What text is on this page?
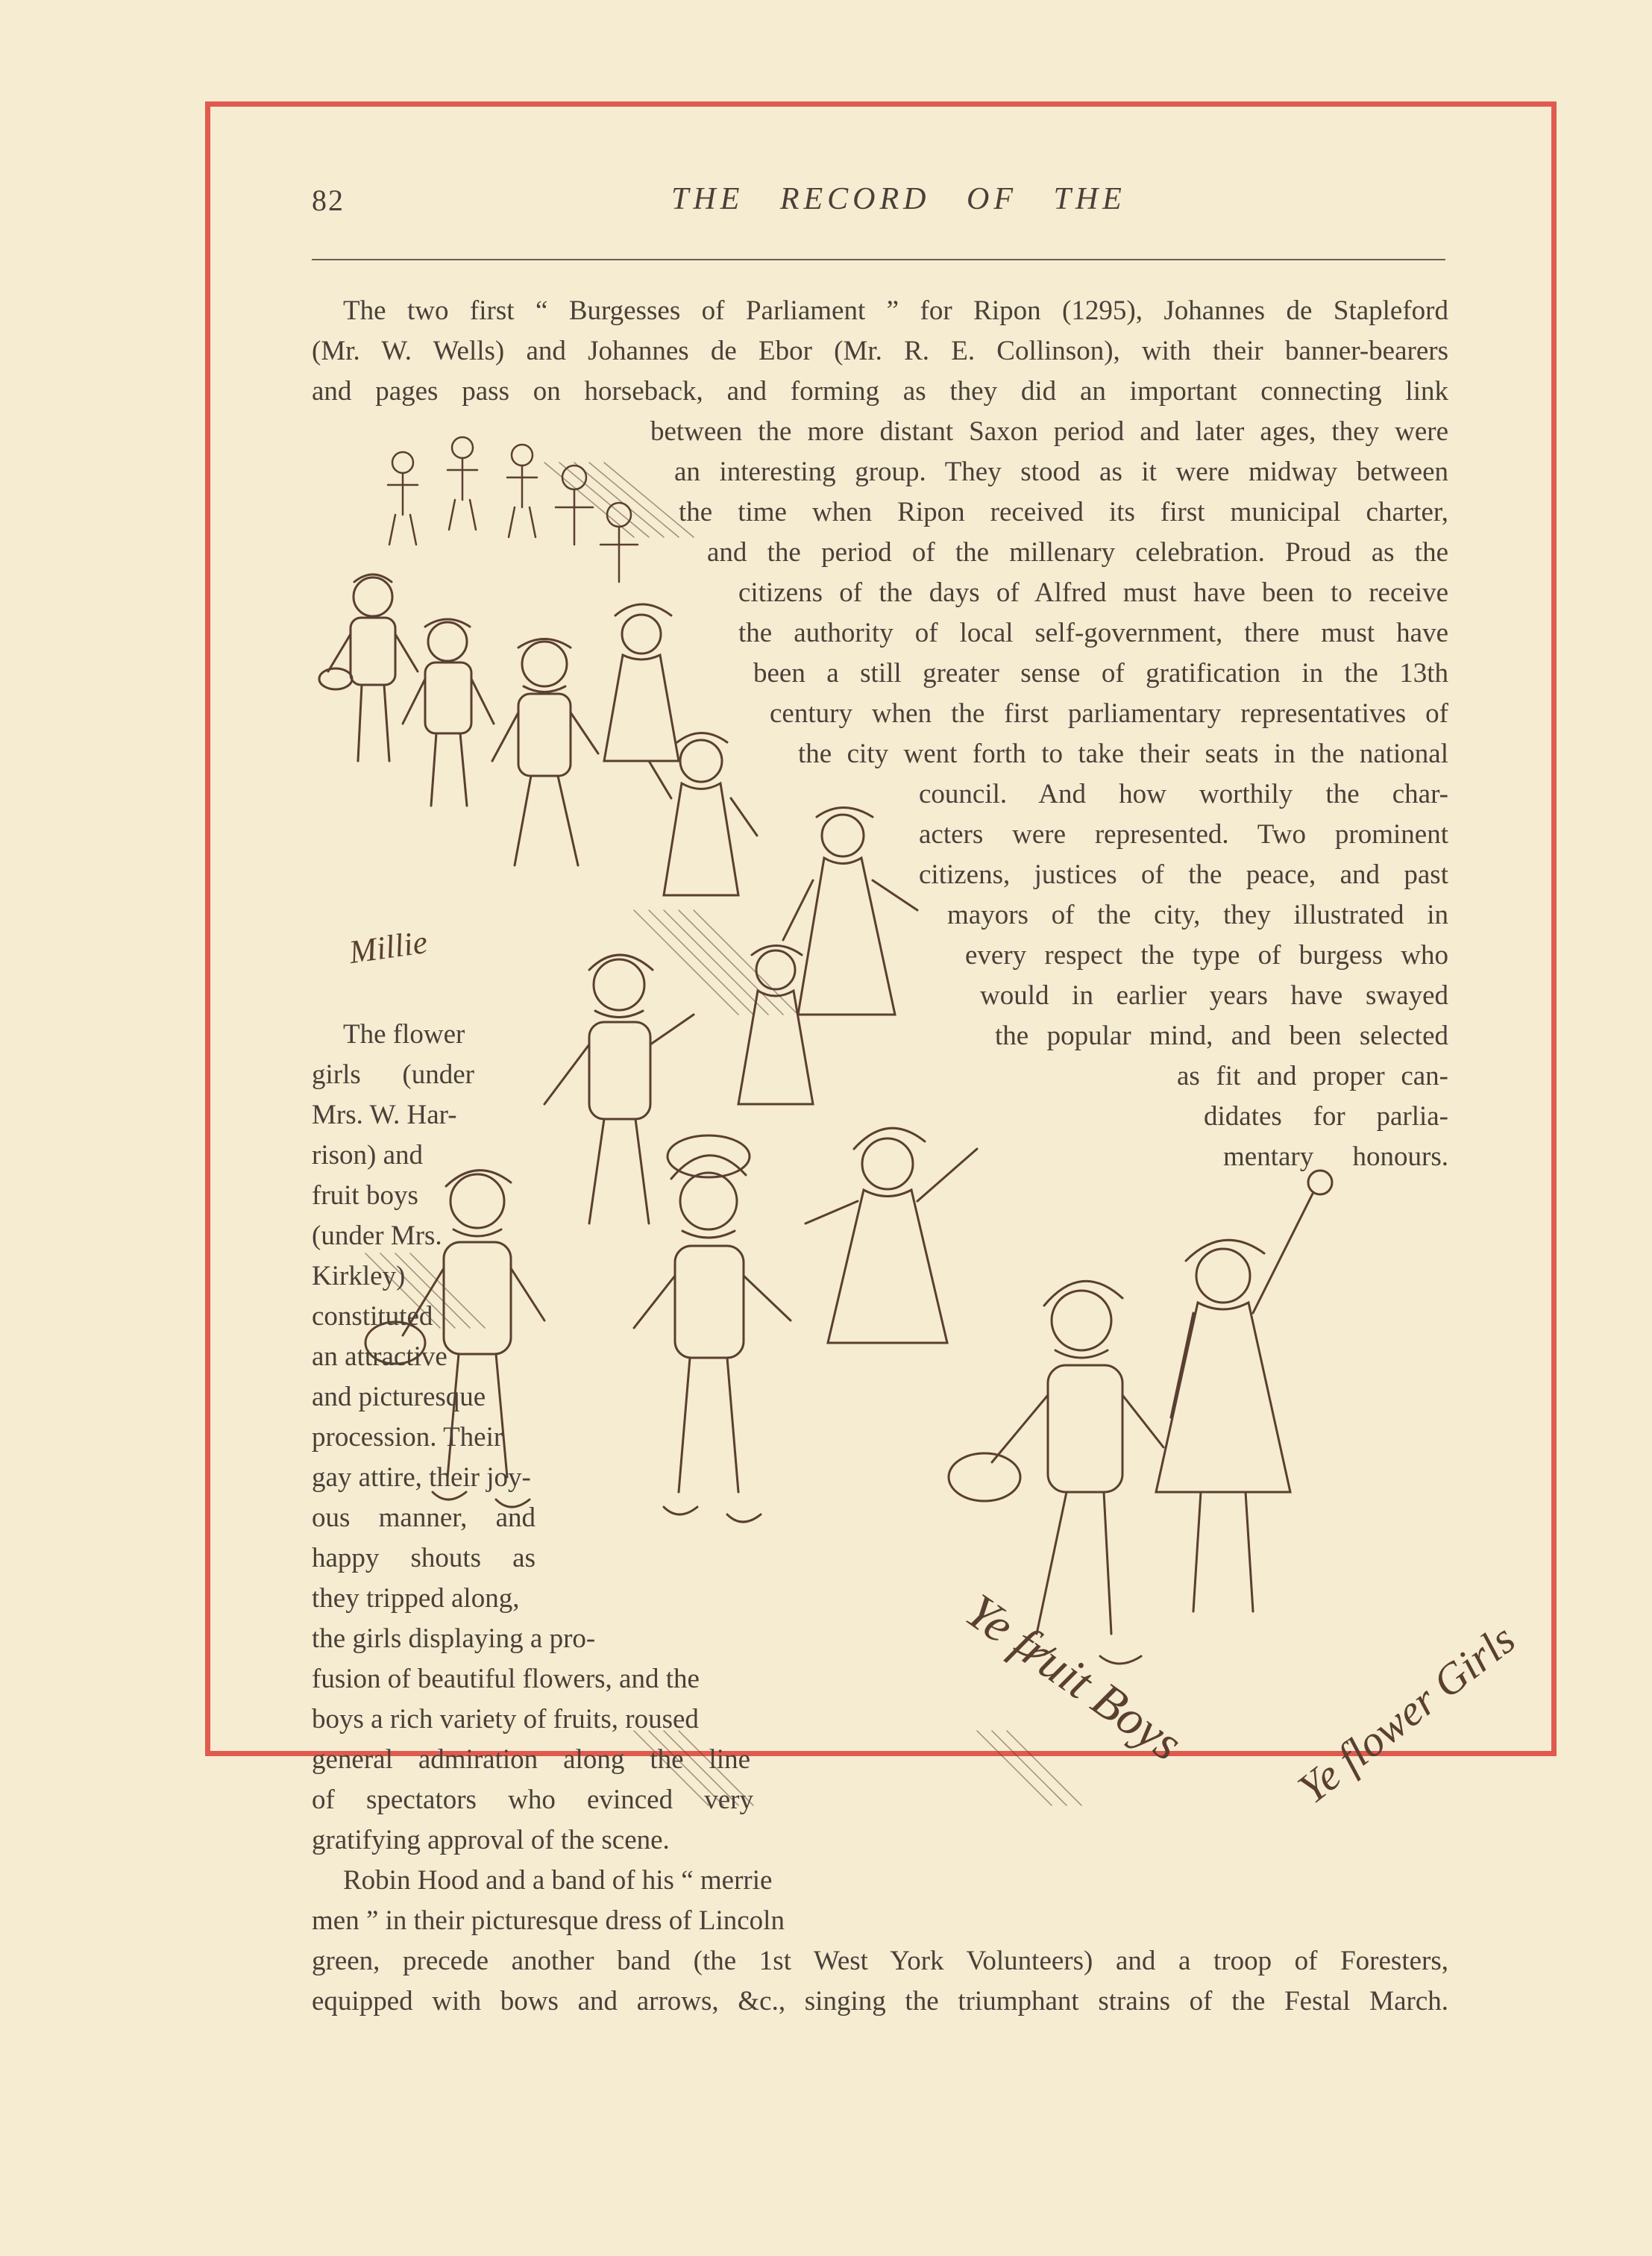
82	THE RECORD OF THE
Ye fruit Boys Ye flower Girls
Millie
The two first “ Burgesses of Parliament ” for Ripon (1295), Johannes de Stapleford
(Mr. W. Wells) and Johannes de Ebor (Mr. R. E. Collinson), with their banner-bearers
and pages pass on horseback, and forming as they did an important connecting link
between the more distant Saxon period and later ages, they were
an interesting group. They stood as it were midway between
the time when Ripon received its first municipal charter,
and the period of the millenary celebration. Proud as the
citizens of the days of Alfred must have been to receive
the authority of local self-government, there must have
been a still greater sense of gratification in the 13th
century when the first parliamentary representatives of
the city went forth to take their seats in the national
council. And how worthily the char-
acters were represented. Two prominent
citizens, justices of the peace, and past
mayors of the city, they illustrated in
every respect the type of burgess who
would in earlier years have swayed
the popular mind, and been selected
as fit and proper can-
didates for parlia-
mentary honours.
The flower
girls (under
Mrs. W. Har-
rison) and
fruit boys
(under Mrs.
Kirkley)
constituted
an attractive
and picturesque
procession. Their
gay attire, their joy-
ous manner, and
happy shouts as
they tripped along,
the girls displaying a pro-
fusion of beautiful flowers, and the
boys a rich variety of fruits, roused
general admiration along the line
of spectators who evinced very
gratifying approval of the scene.
Robin Hood and a band of his “ merrie
men ” in their picturesque dress of Lincoln
green, precede another band (the 1st West York Volunteers) and a troop of Foresters,
equipped with bows and arrows, &c., singing the triumphant strains of the Festal March.
